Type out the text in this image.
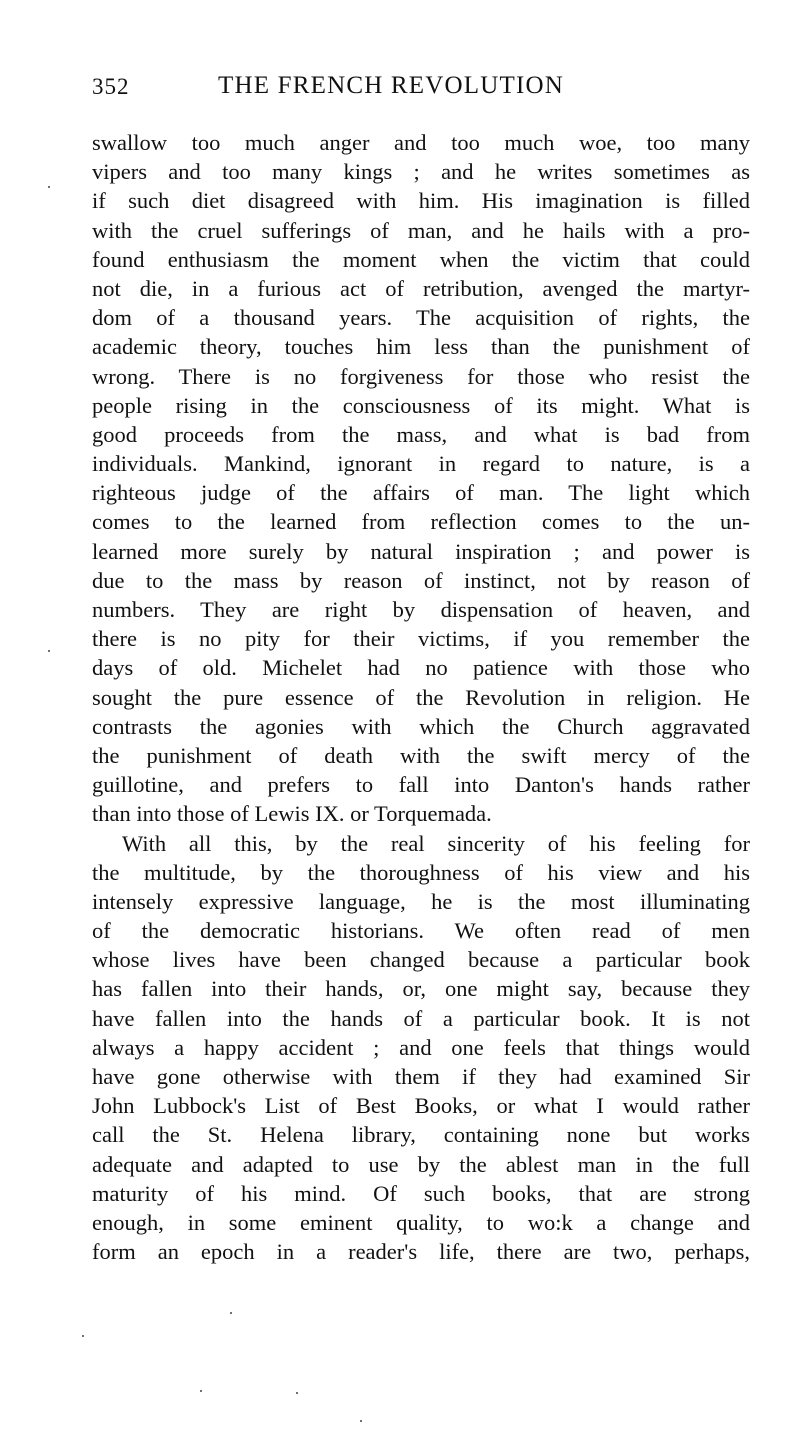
352	THE FRENCH REVOLUTION
swallow too much anger and too much woe, too many
vipers and too many kings ; and he writes sometimes as
if such diet disagreed with him. His imagination is filled
with the cruel sufferings of man, and he hails with a pro-
found enthusiasm the moment when the victim that could
not die, in a furious act of retribution, avenged the martyr-
dom of a thousand years. The acquisition of rights, the
academic theory, touches him less than the punishment of
wrong. There is no forgiveness for those who resist the
people rising in the consciousness of its might. What is
good proceeds from the mass, and what is bad from
individuals. Mankind, ignorant in regard to nature, is a
righteous judge of the affairs of man. The light which
comes to the learned from reflection comes to the un-
learned more surely by natural inspiration ; and power is
due to the mass by reason of instinct, not by reason of
numbers. They are right by dispensation of heaven, and
there is no pity for their victims, if you remember the
days of old. Michelet had no patience with those who
sought the pure essence of the Revolution in religion. He
contrasts the agonies with which the Church aggravated
the punishment of death with the swift mercy of the
guillotine, and prefers to fall into Danton's hands rather
than into those of Lewis IX. or Torquemada.
With all this, by the real sincerity of his feeling for
the multitude, by the thoroughness of his view and his
intensely expressive language, he is the most illuminating
of the democratic historians. We often read of men
whose lives have been changed because a particular book
has fallen into their hands, or, one might say, because they
have fallen into the hands of a particular book. It is not
always a happy accident ; and one feels that things would
have gone otherwise with them if they had examined Sir
John Lubbock's List of Best Books, or what I would rather
call the St. Helena library, containing none but works
adequate and adapted to use by the ablest man in the full
maturity of his mind. Of such books, that are strong
enough, in some eminent quality, to wo:k a change and
form an epoch in a reader's life, there are two, perhaps,
